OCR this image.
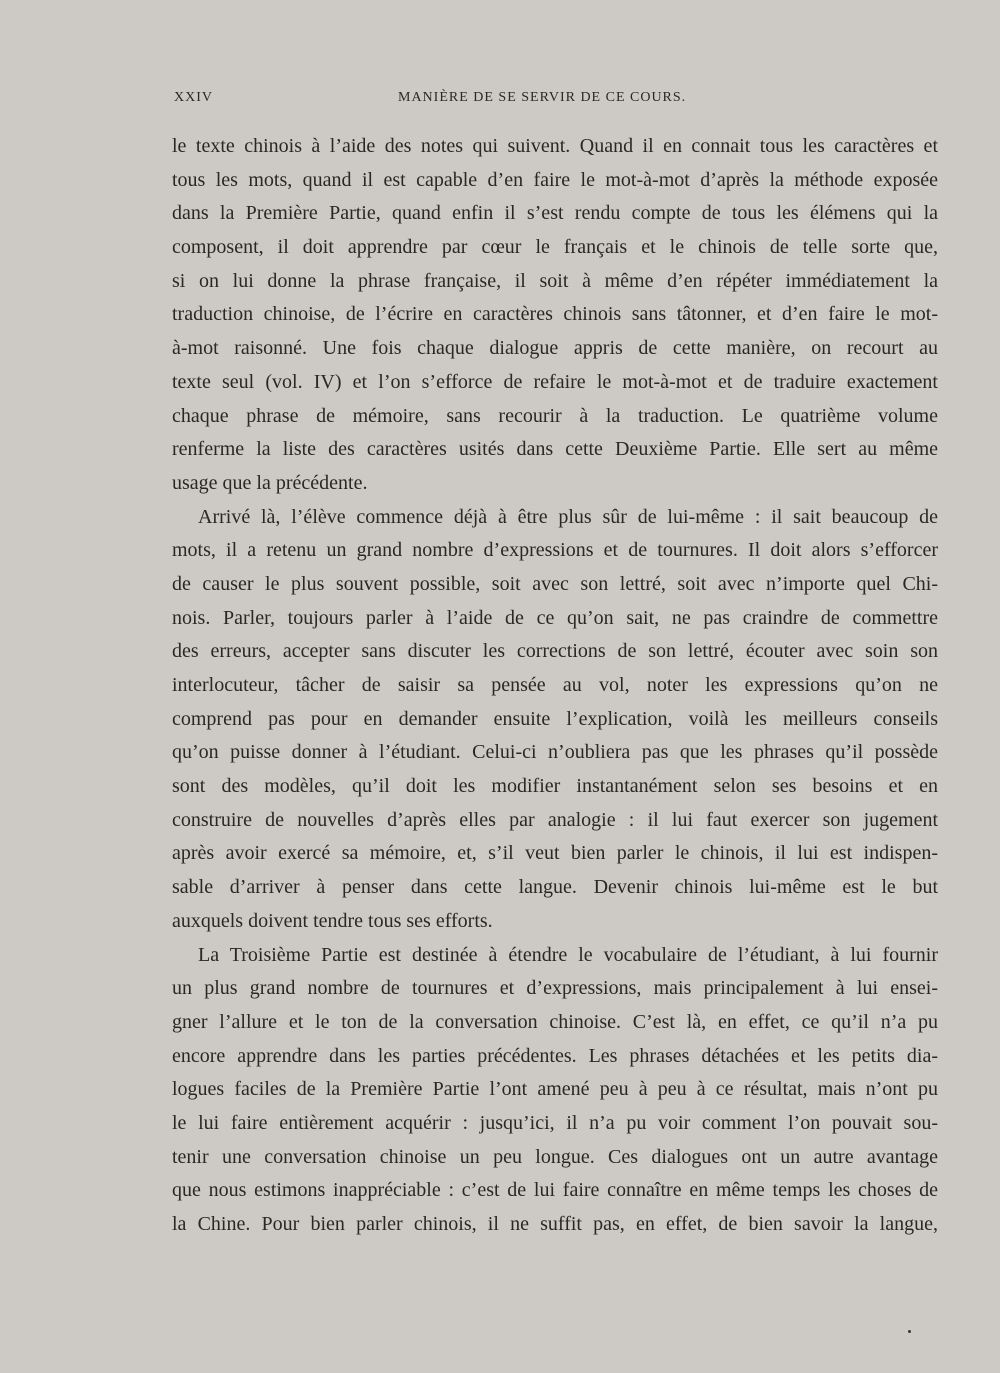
XXIV	MANIÈRE DE SE SERVIR DE CE COURS.
le texte chinois à l’aide des notes qui suivent. Quand il en connait tous les caractères et
tous les mots, quand il est capable d’en faire le mot-à-mot d’après la méthode exposée
dans la Première Partie, quand enfin il s’est rendu compte de tous les élémens qui la
composent, il doit apprendre par cœur le français et le chinois de telle sorte que,
si on lui donne la phrase française, il soit à même d’en répéter immédiatement la
traduction chinoise, de l’écrire en caractères chinois sans tâtonner, et d’en faire le mot-
à-mot raisonné. Une fois chaque dialogue appris de cette manière, on recourt au
texte seul (vol. IV) et l’on s’efforce de refaire le mot-à-mot et de traduire exactement
chaque phrase de mémoire, sans recourir à la traduction. Le quatrième volume
renferme la liste des caractères usités dans cette Deuxième Partie. Elle sert au même
usage que la précédente.
Arrivé là, l’élève commence déjà à être plus sûr de lui-même : il sait beaucoup de
mots, il a retenu un grand nombre d’expressions et de tournures. Il doit alors s’efforcer
de causer le plus souvent possible, soit avec son lettré, soit avec n’importe quel Chi-
nois. Parler, toujours parler à l’aide de ce qu’on sait, ne pas craindre de commettre
des erreurs, accepter sans discuter les corrections de son lettré, écouter avec soin son
interlocuteur, tâcher de saisir sa pensée au vol, noter les expressions qu’on ne
comprend pas pour en demander ensuite l’explication, voilà les meilleurs conseils
qu’on puisse donner à l’étudiant. Celui-ci n’oubliera pas que les phrases qu’il possède
sont des modèles, qu’il doit les modifier instantanément selon ses besoins et en
construire de nouvelles d’après elles par analogie : il lui faut exercer son jugement
après avoir exercé sa mémoire, et, s’il veut bien parler le chinois, il lui est indispen-
sable d’arriver à penser dans cette langue. Devenir chinois lui-même est le but
auxquels doivent tendre tous ses efforts.
La Troisième Partie est destinée à étendre le vocabulaire de l’étudiant, à lui fournir
un plus grand nombre de tournures et d’expressions, mais principalement à lui ensei-
gner l’allure et le ton de la conversation chinoise. C’est là, en effet, ce qu’il n’a pu
encore apprendre dans les parties précédentes. Les phrases détachées et les petits dia-
logues faciles de la Première Partie l’ont amené peu à peu à ce résultat, mais n’ont pu
le lui faire entièrement acquérir : jusqu’ici, il n’a pu voir comment l’on pouvait sou-
tenir une conversation chinoise un peu longue. Ces dialogues ont un autre avantage
que nous estimons inappréciable : c’est de lui faire connaître en même temps les choses de
la Chine. Pour bien parler chinois, il ne suffit pas, en effet, de bien savoir la langue,
